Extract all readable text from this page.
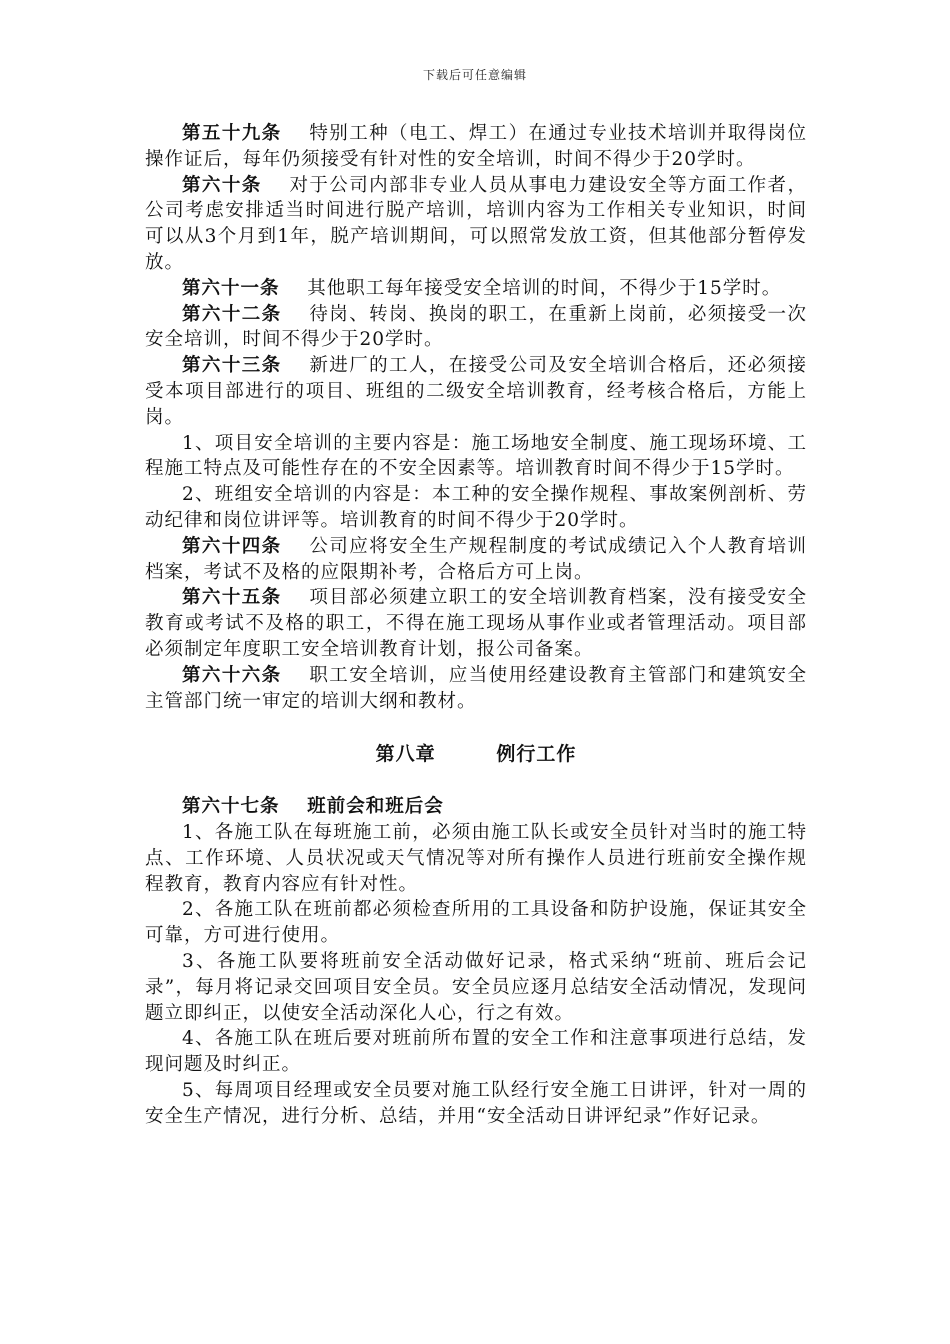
下载后可任意编辑

第五十九条 特别工种（电工、焊工）在通过专业技术培训并取得岗位操作证后，每年仍须接受有针对性的安全培训，时间不得少于20学时。

第六十条 对于公司内部非专业人员从事电力建设安全等方面工作者，公司考虑安排适当时间进行脱产培训，培训内容为工作相关专业知识，时间可以从3个月到1年，脱产培训期间，可以照常发放工资，但其他部分暂停发放。

第六十一条 其他职工每年接受安全培训的时间，不得少于15学时。

第六十二条 待岗、转岗、换岗的职工，在重新上岗前，必须接受一次安全培训，时间不得少于20学时。

第六十三条 新进厂的工人，在接受公司及安全培训合格后，还必须接受本项目部进行的项目、班组的二级安全培训教育，经考核合格后，方能上岗。

1、项目安全培训的主要内容是：施工场地安全制度、施工现场环境、工程施工特点及可能性存在的不安全因素等。培训教育时间不得少于15学时。

2、班组安全培训的内容是：本工种的安全操作规程、事故案例剖析、劳动纪律和岗位讲评等。培训教育的时间不得少于20学时。

第六十四条 公司应将安全生产规程制度的考试成绩记入个人教育培训档案，考试不及格的应限期补考，合格后方可上岗。

第六十五条 项目部必须建立职工的安全培训教育档案，没有接受安全教育或考试不及格的职工，不得在施工现场从事作业或者管理活动。项目部必须制定年度职工安全培训教育计划，报公司备案。

第六十六条 职工安全培训，应当使用经建设教育主管部门和建筑安全主管部门统一审定的培训大纲和教材。

第八章	例行工作

第六十七条 班前会和班后会

1、各施工队在每班施工前，必须由施工队长或安全员针对当时的施工特点、工作环境、人员状况或天气情况等对所有操作人员进行班前安全操作规程教育，教育内容应有针对性。

2、各施工队在班前都必须检查所用的工具设备和防护设施，保证其安全可靠，方可进行使用。

3、各施工队要将班前安全活动做好记录，格式采纳“班前、班后会记录”，每月将记录交回项目安全员。安全员应逐月总结安全活动情况，发现问题立即纠正，以使安全活动深化人心，行之有效。

4、各施工队在班后要对班前所布置的安全工作和注意事项进行总结，发现问题及时纠正。

5、每周项目经理或安全员要对施工队经行安全施工日讲评，针对一周的安全生产情况，进行分析、总结，并用“安全活动日讲评纪录”作好记录。
